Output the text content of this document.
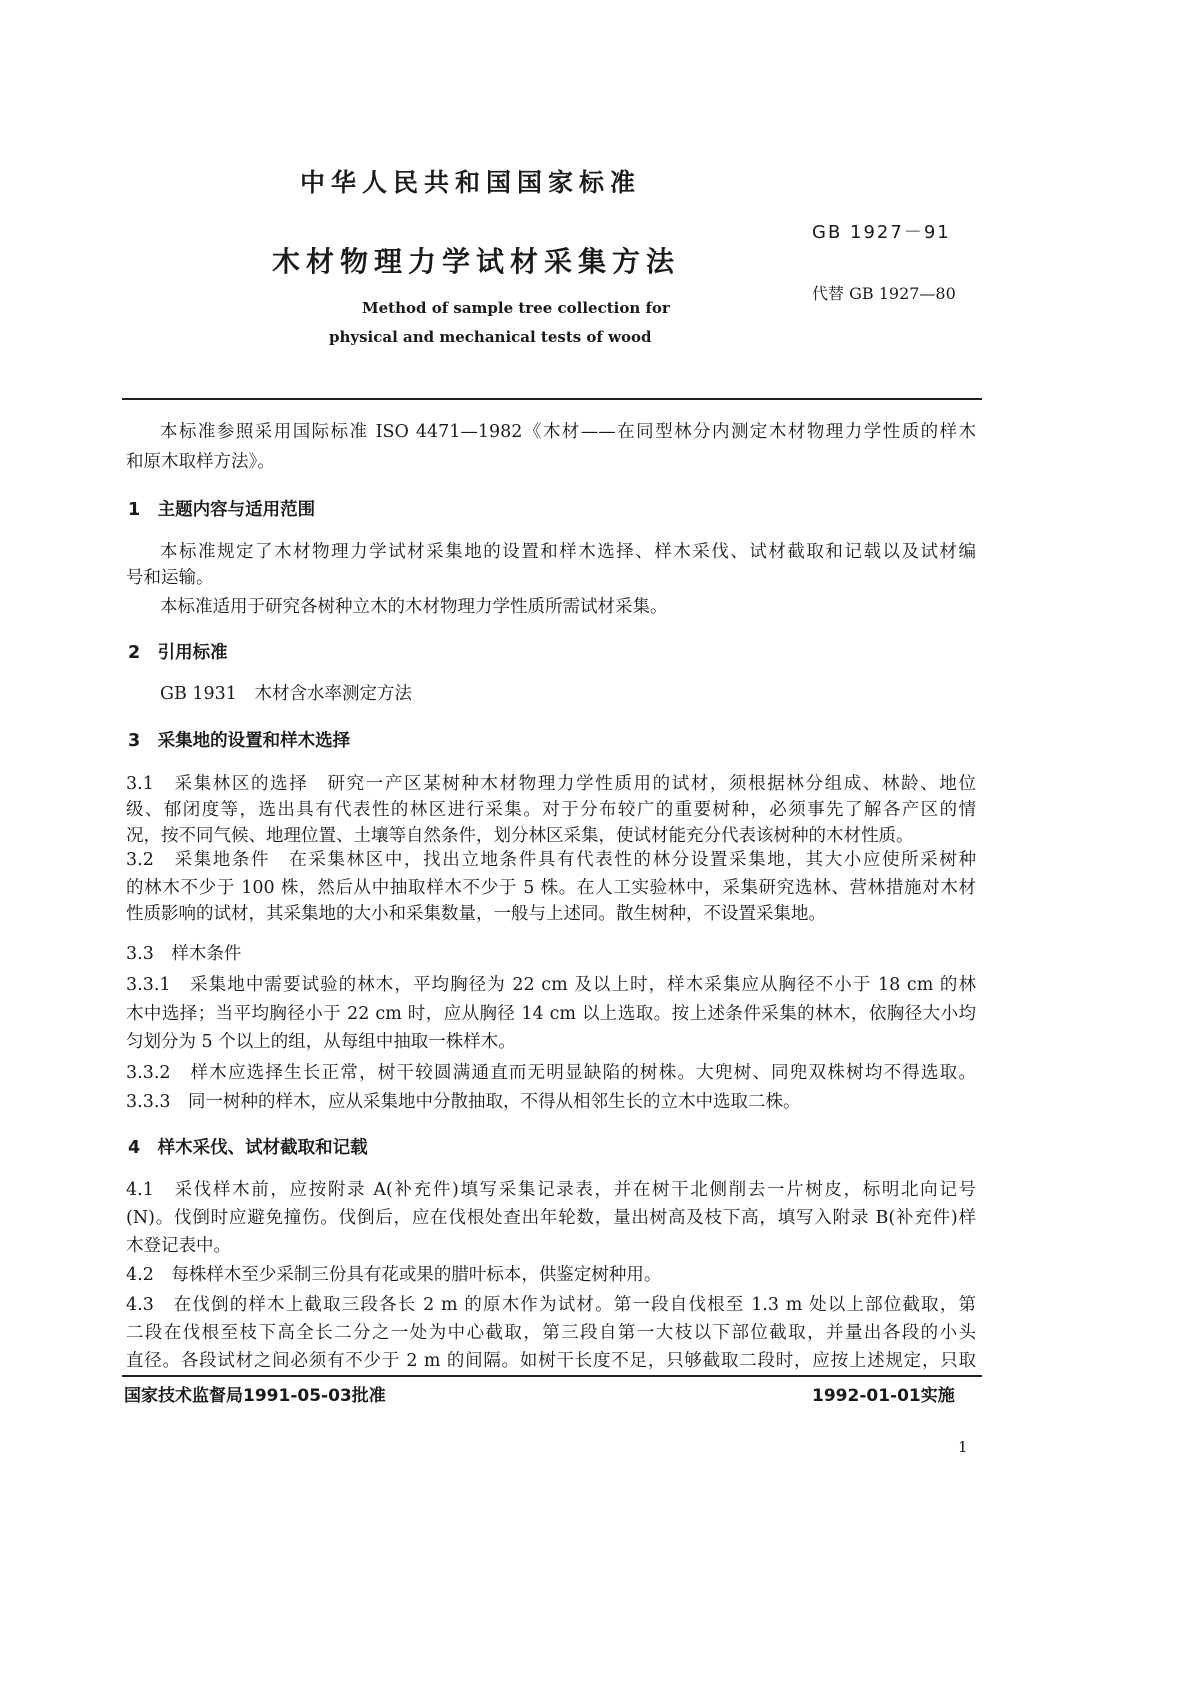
中华人民共和国国家标准
GB 1927－91
木材物理力学试材采集方法
代替 GB 1927—80
Method of sample tree collection for
physical and mechanical tests of wood
本标准参照采用国际标准 ISO 4471—1982《木材——在同型林分内测定木材物理力学性质的样木
和原木取样方法》。
1　主题内容与适用范围
本标准规定了木材物理力学试材采集地的设置和样木选择、样木采伐、试材截取和记载以及试材编
号和运输。
本标准适用于研究各树种立木的木材物理力学性质所需试材采集。
2　引用标准
GB 1931　木材含水率测定方法
3　采集地的设置和样木选择
3.1　采集林区的选择　研究一产区某树种木材物理力学性质用的试材，须根据林分组成、林龄、地位
级、郁闭度等，选出具有代表性的林区进行采集。对于分布较广的重要树种，必须事先了解各产区的情
况，按不同气候、地理位置、土壤等自然条件，划分林区采集，使试材能充分代表该树种的木材性质。
3.2　采集地条件　在采集林区中，找出立地条件具有代表性的林分设置采集地，其大小应使所采树种
的林木不少于 100 株，然后从中抽取样木不少于 5 株。在人工实验林中，采集研究选林、营林措施对木材
性质影响的试材，其采集地的大小和采集数量，一般与上述同。散生树种，不设置采集地。
3.3　样木条件
3.3.1　采集地中需要试验的林木，平均胸径为 22 cm 及以上时，样木采集应从胸径不小于 18 cm 的林
木中选择；当平均胸径小于 22 cm 时，应从胸径 14 cm 以上选取。按上述条件采集的林木，依胸径大小均
匀划分为 5 个以上的组，从每组中抽取一株样木。
3.3.2　样木应选择生长正常，树干较圆满通直而无明显缺陷的树株。大兜树、同兜双株树均不得选取。
3.3.3　同一树种的样木，应从采集地中分散抽取，不得从相邻生长的立木中选取二株。
4　样木采伐、试材截取和记载
4.1　采伐样木前，应按附录 A(补充件)填写采集记录表，并在树干北侧削去一片树皮，标明北向记号
(N)。伐倒时应避免撞伤。伐倒后，应在伐根处查出年轮数，量出树高及枝下高，填写入附录 B(补充件)样
木登记表中。
4.2　每株样木至少采制三份具有花或果的腊叶标本，供鉴定树种用。
4.3　在伐倒的样木上截取三段各长 2 m 的原木作为试材。第一段自伐根至 1.3 m 处以上部位截取，第
二段在伐根至枝下高全长二分之一处为中心截取，第三段自第一大枝以下部位截取，并量出各段的小头
直径。各段试材之间必须有不少于 2 m 的间隔。如树干长度不足，只够截取二段时，应按上述规定，只取
国家技术监督局1991-05-03批准	1992-01-01实施
1
